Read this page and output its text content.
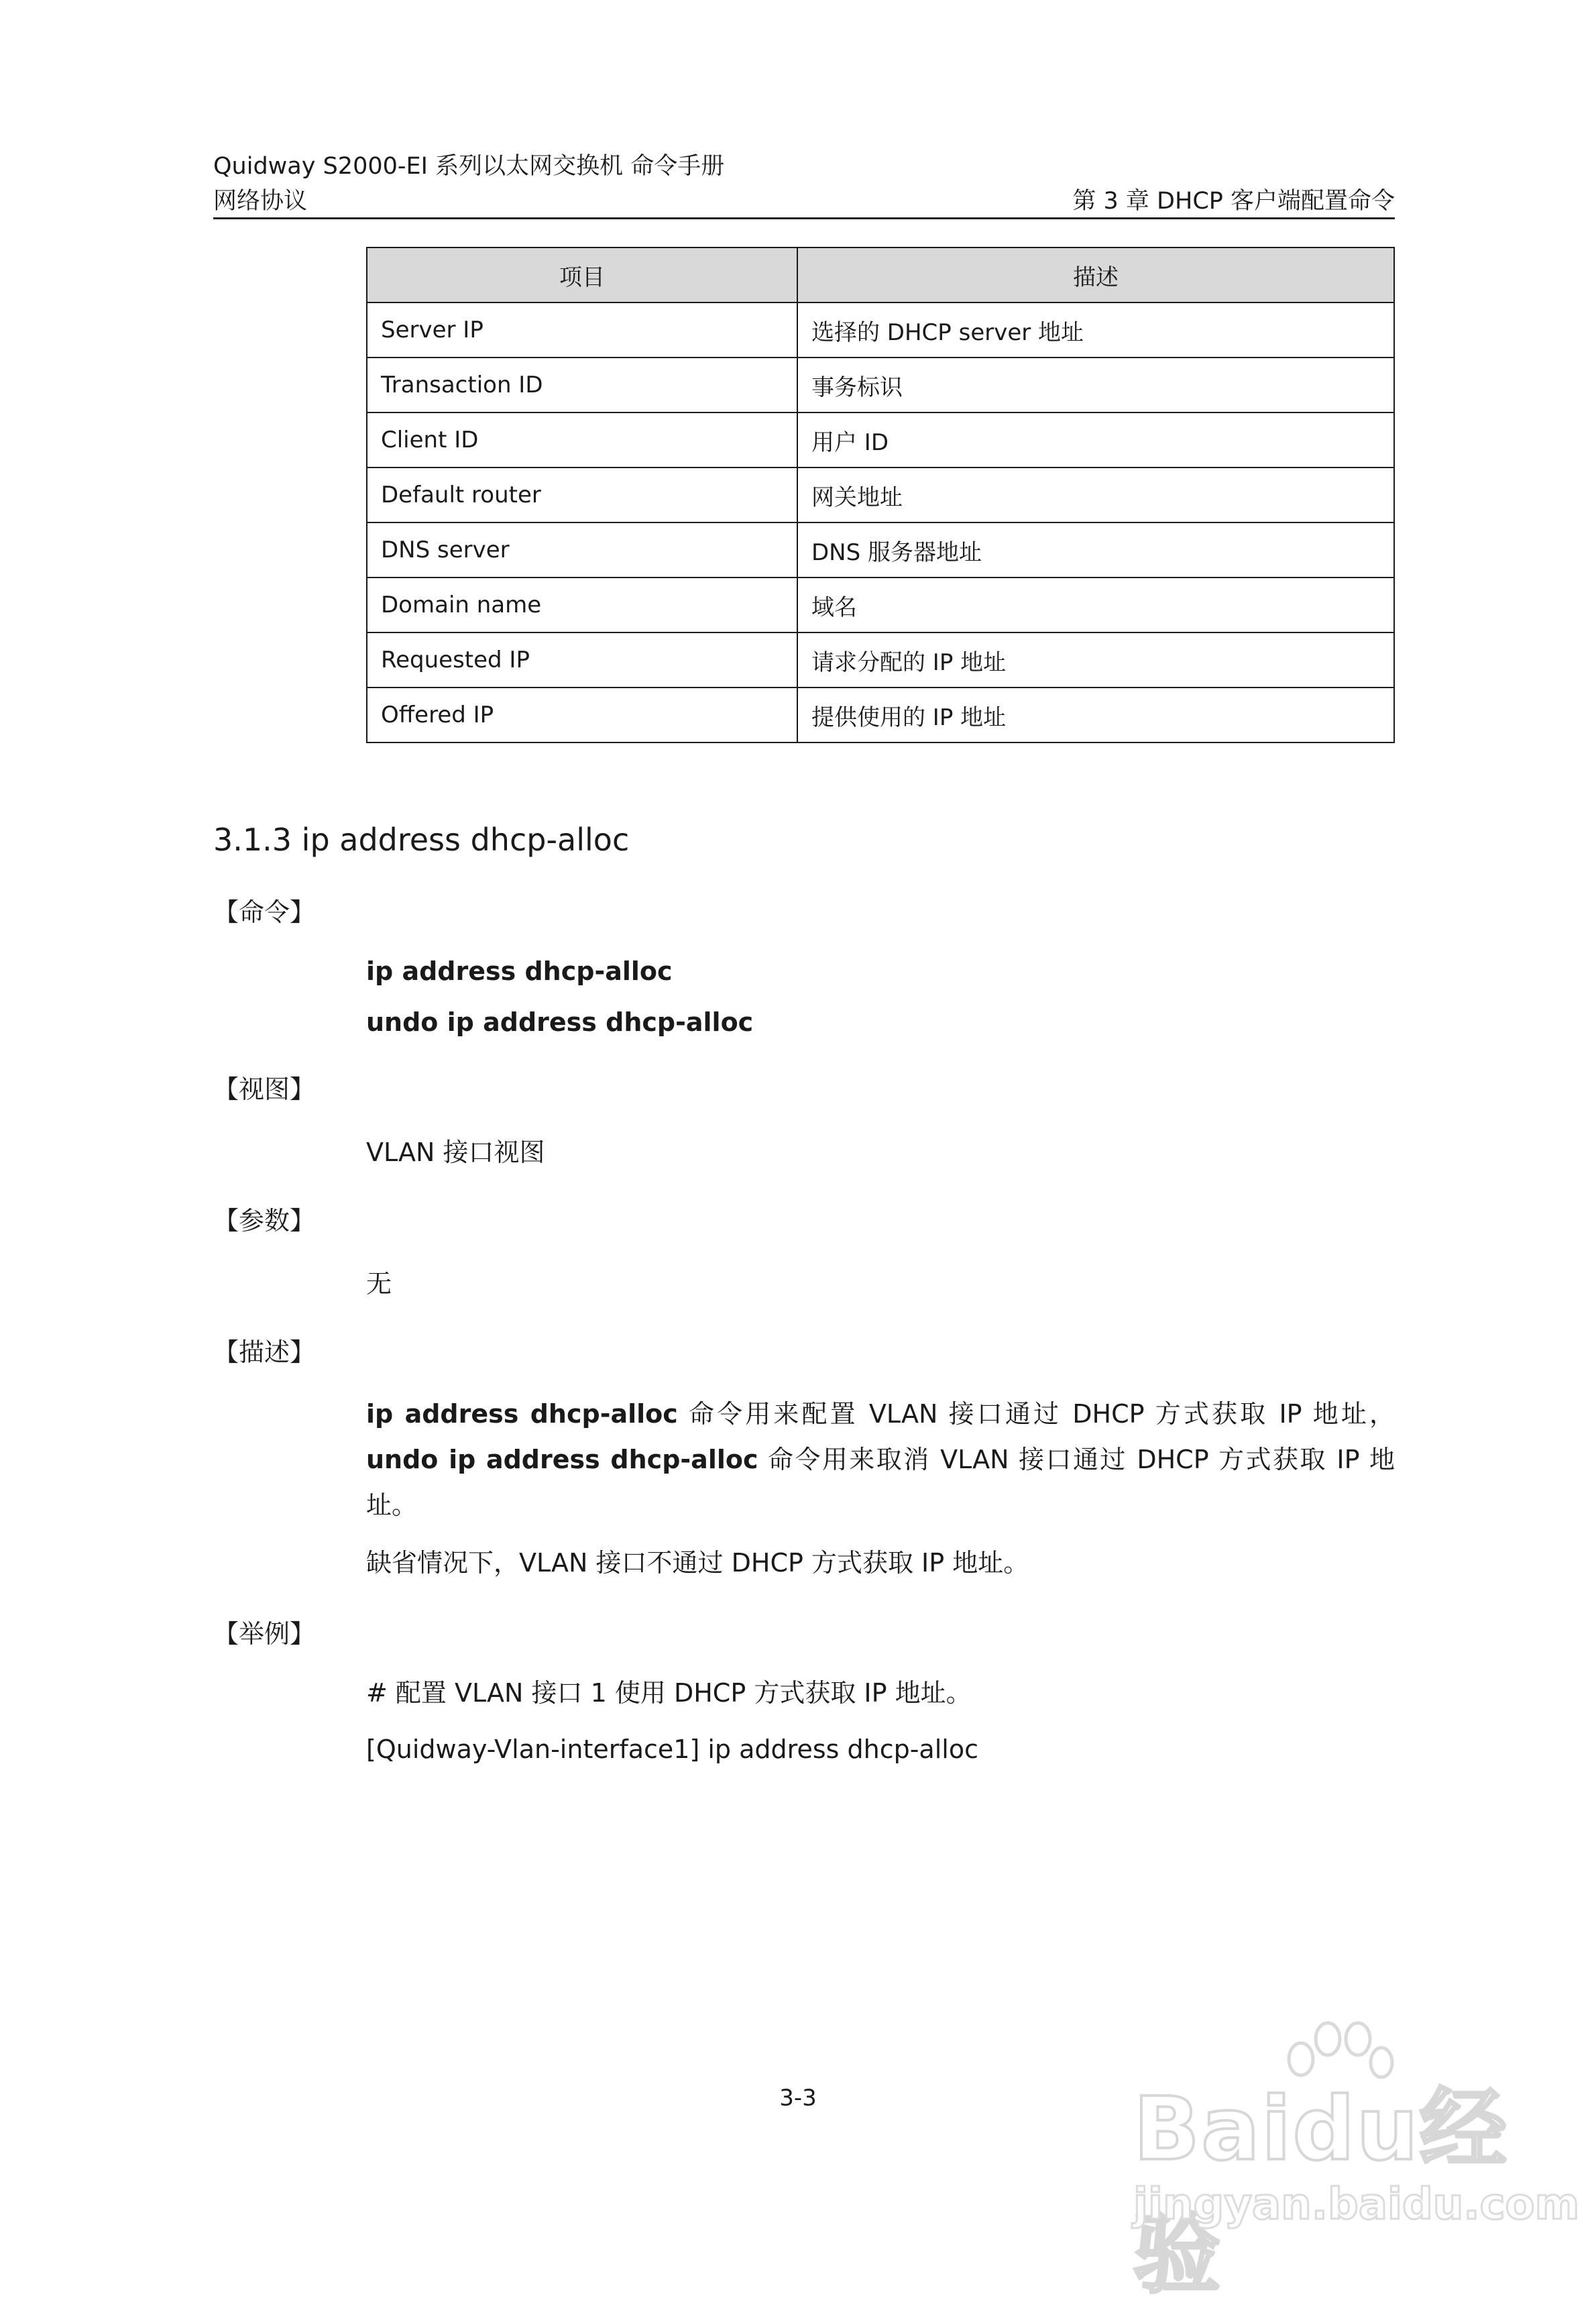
Quidway S2000-EI 系列以太网交换机 命令手册
网络协议	第 3 章 DHCP 客户端配置命令
项目	描述
Server IP	选择的 DHCP server 地址
Transaction ID	事务标识
Client ID	用户 ID
Default router	网关地址
DNS server	DNS 服务器地址
Domain name	域名
Requested IP	请求分配的 IP 地址
Offered IP	提供使用的 IP 地址
3.1.3 ip address dhcp-alloc
【命令】
ip address dhcp-alloc
undo ip address dhcp-alloc
【视图】
VLAN 接口视图
【参数】
无
【描述】
ip address dhcp-alloc 命令用来配置 VLAN 接口通过 DHCP 方式获取 IP 地址，undo ip address dhcp-alloc 命令用来取消 VLAN 接口通过 DHCP 方式获取 IP 地址。
缺省情况下，VLAN 接口不通过 DHCP 方式获取 IP 地址。
【举例】
# 配置 VLAN 接口 1 使用 DHCP 方式获取 IP 地址。
[Quidway-Vlan-interface1] ip address dhcp-alloc
3-3	Baidu经验
jingyan.baidu.com
